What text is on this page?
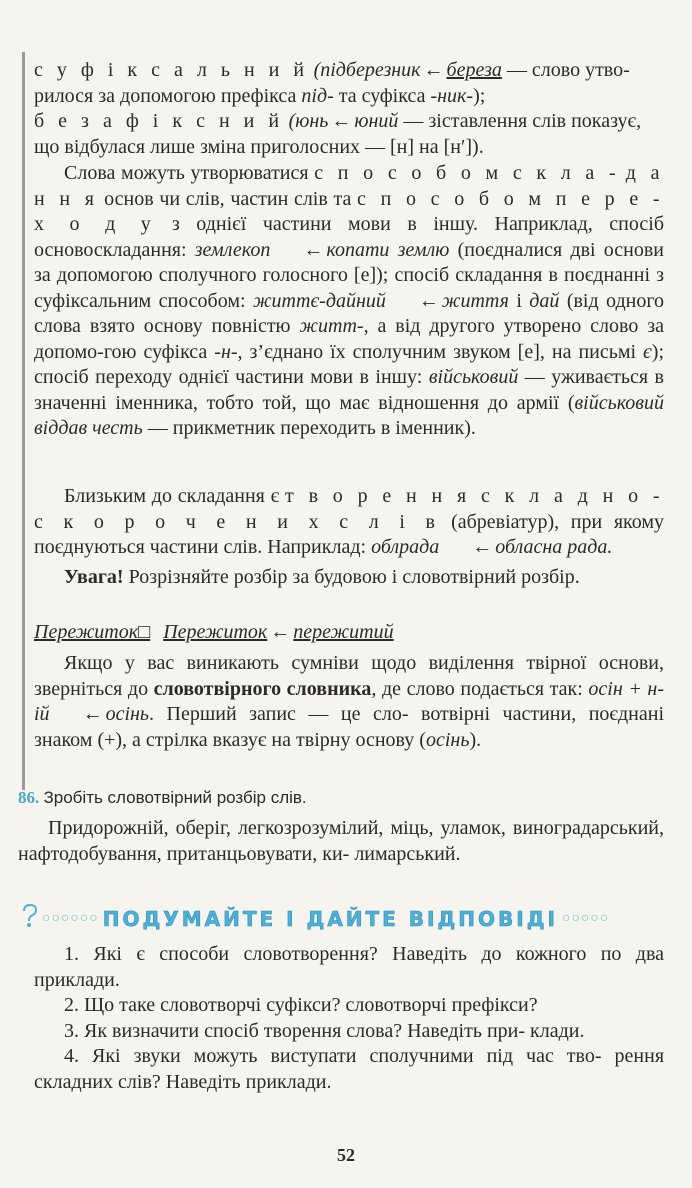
с у ф і к с а л ь н и й (підберезник ← береза — слово утво-

рилося за допомогою префікса під- та суфікса -ник-);

б е з а ф і к с н и й (юнь ← юний — зіставлення слів показує,

що відбулася лише зміна приголосних — [н] на [н′]).

Слова можуть утворюватися с п о с о б о м с к л а - д а н н я основ чи слів, частин слів та с п о с о б о м п е р е - х о д у з однієї частини мови в іншу. Наприклад, спосіб основоскладання: землекоп ← копати землю (поєдналися дві основи за допомогою сполучного голосного [е]); спосіб складання в поєднанні з суфіксальним способом: життє-дайний ← життя і дай (від одного слова взято основу повністю житт-, а від другого утворено слово за допомо-гою суфікса -н-, з’єднано їх сполучним звуком [е], на письмі є); спосіб переходу однієї частини мови в іншу: військовий — уживається в значенні іменника, тобто той, що має відношення до армії (військовий віддав честь — прикметник переходить в іменник).

Близьким до складання є т в о р е н н я с к л а д н о - с к о р о ч е н и х с л і в (абревіатур), при якому поєднуються частини слів. Наприклад: облрада ← обласна рада.

Увага! Розрізняйте розбір за будовою і словотвірний розбір.

Пережиток□ Пережиток ← пережитий

Якщо у вас виникають сумніви щодо виділення твірної основи, зверніться до словотвірного словника, де слово подається так: осін + н-ій ← осінь. Перший запис — це сло- вотвірні частини, поєднані знаком (+), а стрілка вказує на твірну основу (осінь).

86. Зробіть словотвірний розбір слів.

Придорожній, оберіг, легкозрозумілий, міць, уламок, виноградарський, нафтодобування, пританцьовувати, ки- лимарський.

○○○○○○ ПОДУМАЙТЕ І ДАЙТЕ ВІДПОВІДІ ○○○○○

1. Які є способи словотворення? Наведіть до кожного по два приклади.

2. Що таке словотворчі суфікси? словотворчі префікси?

3. Як визначити спосіб творення слова? Наведіть при- клади.

4. Які звуки можуть виступати сполучними під час тво- рення складних слів? Наведіть приклади.

52
